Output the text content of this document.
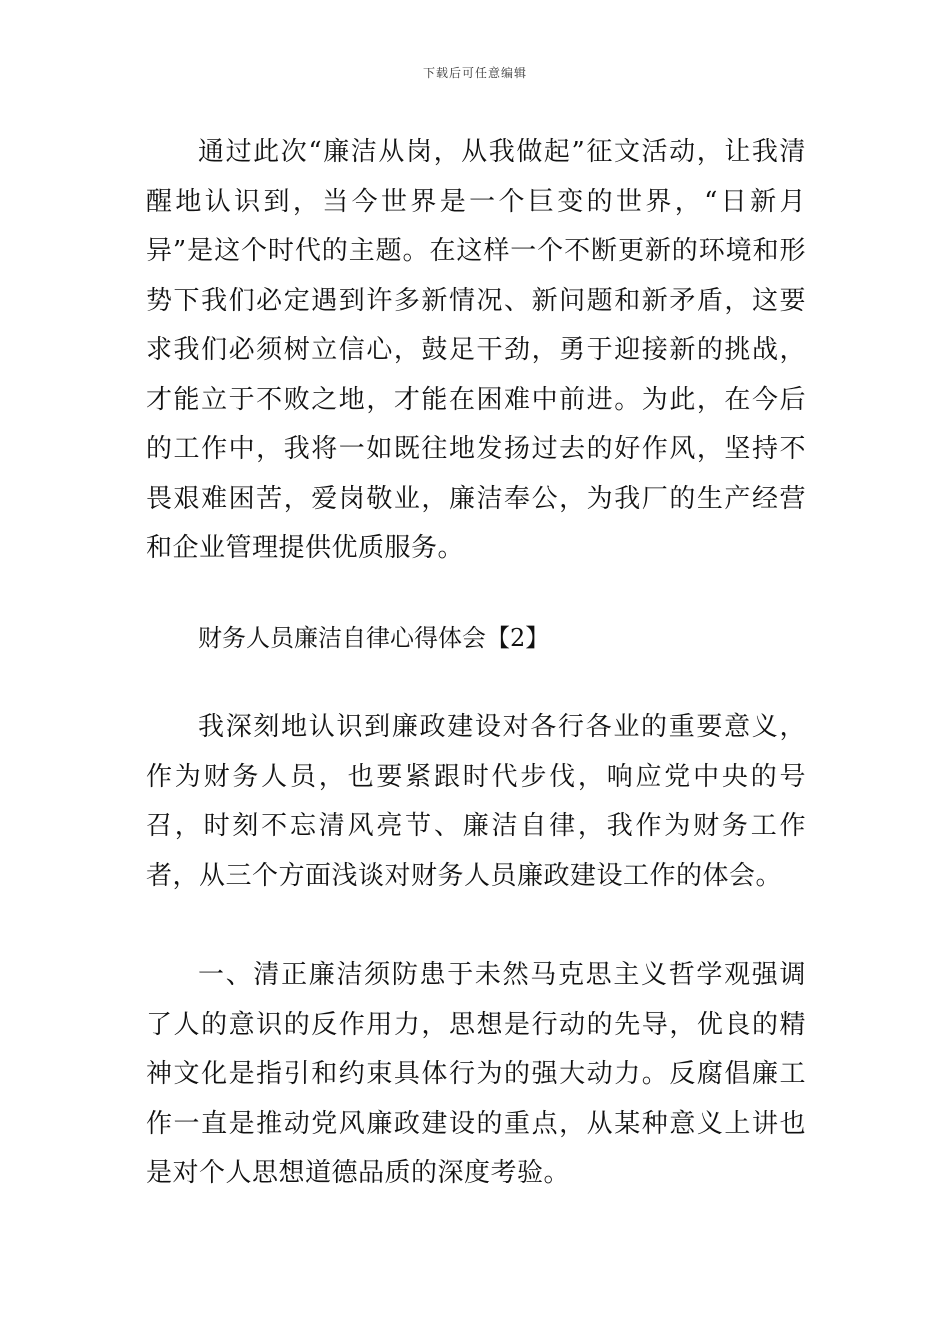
下载后可任意编辑

通过此次“廉洁从岗，从我做起”征文活动，让我清醒地认识到，当今世界是一个巨变的世界，“日新月异”是这个时代的主题。在这样一个不断更新的环境和形势下我们必定遇到许多新情况、新问题和新矛盾，这要求我们必须树立信心，鼓足干劲，勇于迎接新的挑战，才能立于不败之地，才能在困难中前进。为此，在今后的工作中，我将一如既往地发扬过去的好作风，坚持不畏艰难困苦，爱岗敬业，廉洁奉公，为我厂的生产经营和企业管理提供优质服务。

财务人员廉洁自律心得体会【2】

我深刻地认识到廉政建设对各行各业的重要意义，作为财务人员，也要紧跟时代步伐，响应党中央的号召，时刻不忘清风亮节、廉洁自律，我作为财务工作者，从三个方面浅谈对财务人员廉政建设工作的体会。

一、清正廉洁须防患于未然马克思主义哲学观强调了人的意识的反作用力，思想是行动的先导，优良的精神文化是指引和约束具体行为的强大动力。反腐倡廉工作一直是推动党风廉政建设的重点，从某种意义上讲也是对个人思想道德品质的深度考验。
